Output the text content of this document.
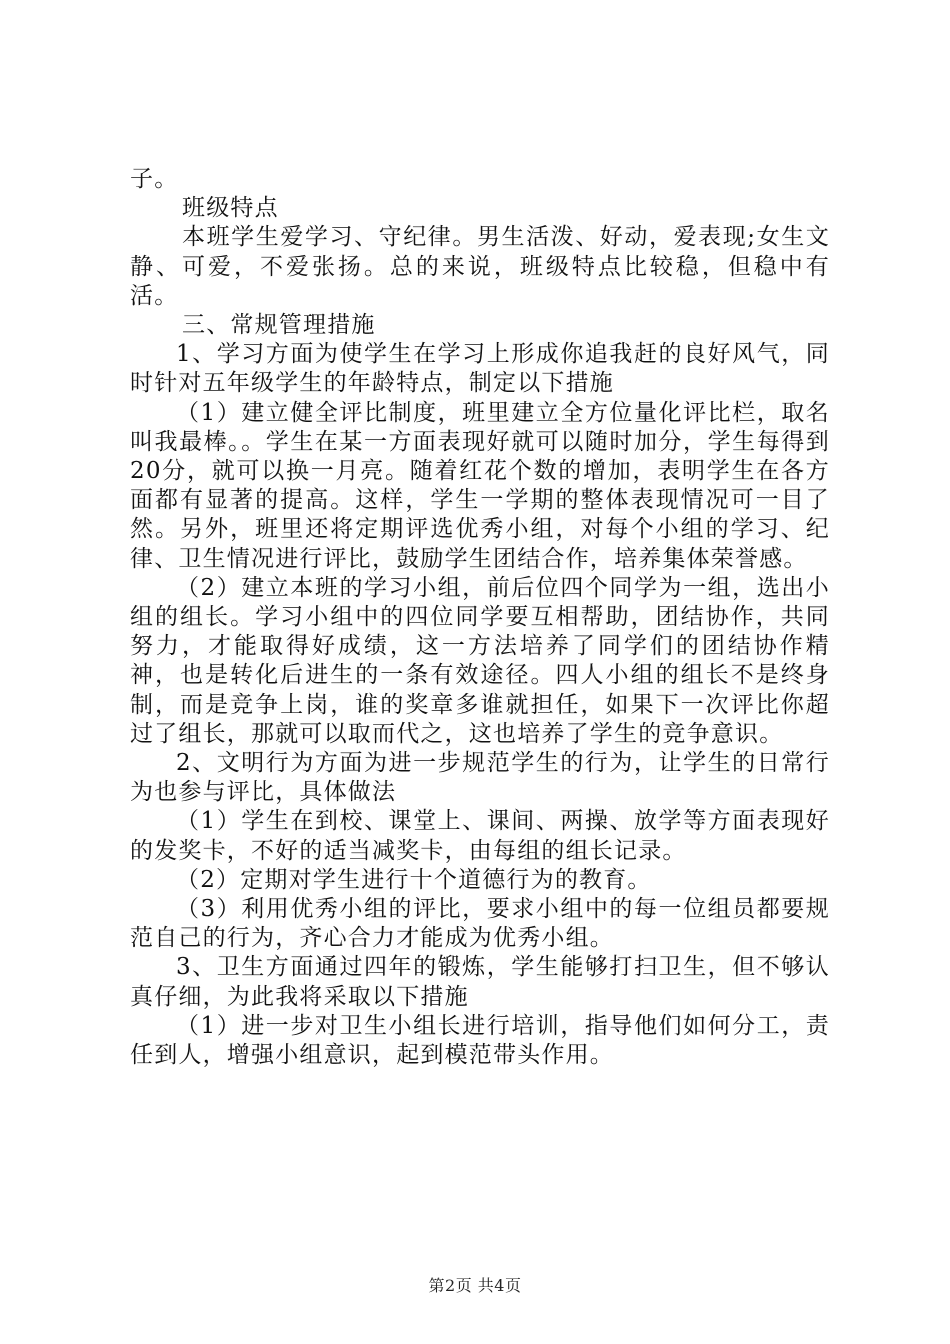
子。

班级特点

本班学生爱学习、守纪律。男生活泼、好动，爱表现;女生文静、可爱，不爱张扬。总的来说，班级特点比较稳，但稳中有活。

三、常规管理措施

1、学习方面为使学生在学习上形成你追我赶的良好风气，同时针对五年级学生的年龄特点，制定以下措施

（1）建立健全评比制度，班里建立全方位量化评比栏，取名叫我最棒。。学生在某一方面表现好就可以随时加分，学生每得到20分，就可以换一月亮。随着红花个数的增加，表明学生在各方面都有显著的提高。这样，学生一学期的整体表现情况可一目了然。另外，班里还将定期评选优秀小组，对每个小组的学习、纪律、卫生情况进行评比，鼓励学生团结合作，培养集体荣誉感。

（2）建立本班的学习小组，前后位四个同学为一组，选出小组的组长。学习小组中的四位同学要互相帮助，团结协作，共同努力，才能取得好成绩，这一方法培养了同学们的团结协作精神，也是转化后进生的一条有效途径。四人小组的组长不是终身制，而是竞争上岗，谁的奖章多谁就担任，如果下一次评比你超过了组长，那就可以取而代之，这也培养了学生的竞争意识。

2、文明行为方面为进一步规范学生的行为，让学生的日常行为也参与评比，具体做法

（1）学生在到校、课堂上、课间、两操、放学等方面表现好的发奖卡，不好的适当减奖卡，由每组的组长记录。

（2）定期对学生进行十个道德行为的教育。

（3）利用优秀小组的评比，要求小组中的每一位组员都要规范自己的行为，齐心合力才能成为优秀小组。

3、卫生方面通过四年的锻炼，学生能够打扫卫生，但不够认真仔细，为此我将采取以下措施

（1）进一步对卫生小组长进行培训，指导他们如何分工，责任到人，增强小组意识，起到模范带头作用。

第2页 共4页
